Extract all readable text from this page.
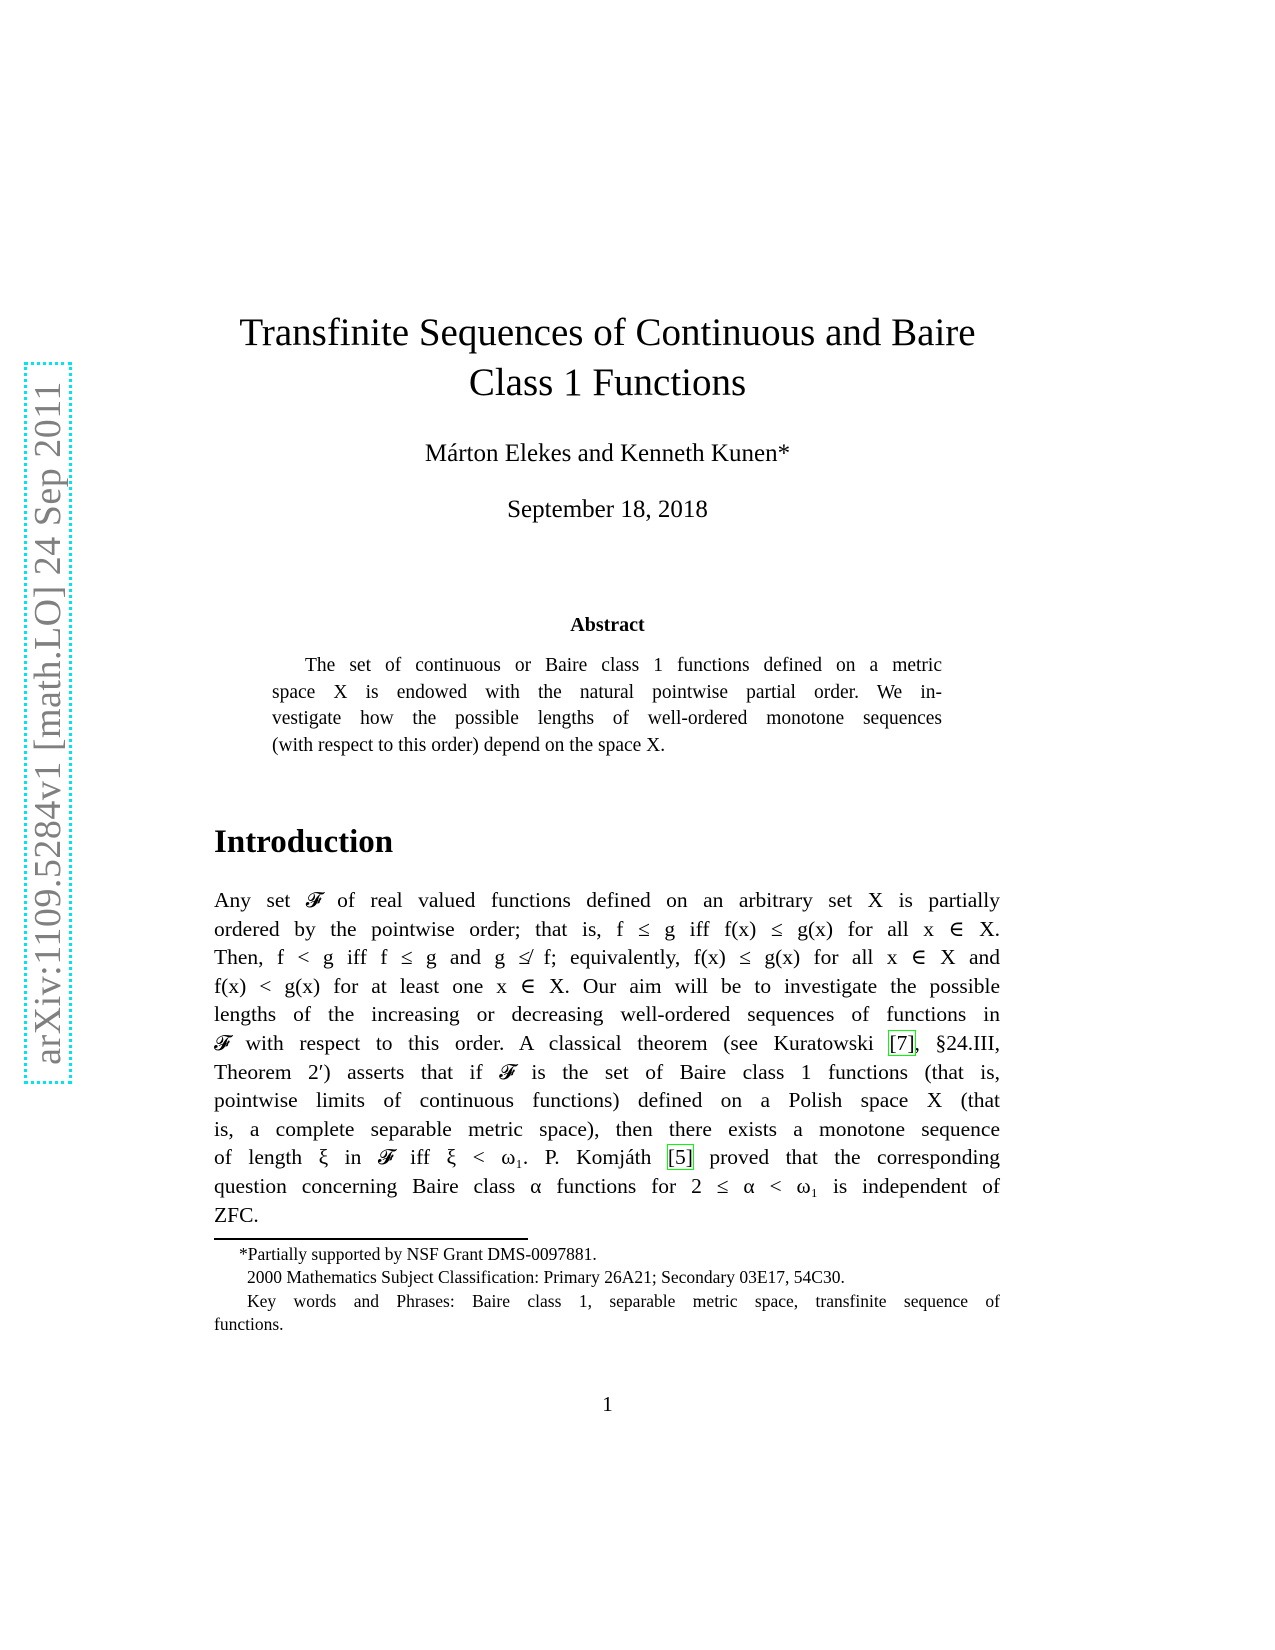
arXiv:1109.5284v1 [math.LO] 24 Sep 2011
Transfinite Sequences of Continuous and Baire
Class 1 Functions
Márton Elekes and Kenneth Kunen*
September 18, 2018
Abstract
The set of continuous or Baire class 1 functions defined on a metric
space X is endowed with the natural pointwise partial order. We in-
vestigate how the possible lengths of well-ordered monotone sequences
(with respect to this order) depend on the space X.
Introduction
Any set 𝓕 of real valued functions defined on an arbitrary set X is partially
ordered by the pointwise order; that is, f ≤ g iff f(x) ≤ g(x) for all x ∈ X.
Then, f < g iff f ≤ g and g ≰ f; equivalently, f(x) ≤ g(x) for all x ∈ X and
f(x) < g(x) for at least one x ∈ X. Our aim will be to investigate the possible
lengths of the increasing or decreasing well-ordered sequences of functions in
𝓕 with respect to this order. A classical theorem (see Kuratowski [7], §24.III,
Theorem 2′) asserts that if 𝓕 is the set of Baire class 1 functions (that is,
pointwise limits of continuous functions) defined on a Polish space X (that
is, a complete separable metric space), then there exists a monotone sequence
of length ξ in 𝓕 iff ξ < ω₁. P. Komjáth [5] proved that the corresponding
question concerning Baire class α functions for 2 ≤ α < ω₁ is independent of
ZFC.
*Partially supported by NSF Grant DMS-0097881.
2000 Mathematics Subject Classification: Primary 26A21; Secondary 03E17, 54C30.
Key words and Phrases: Baire class 1, separable metric space, transfinite sequence of
functions.
1
